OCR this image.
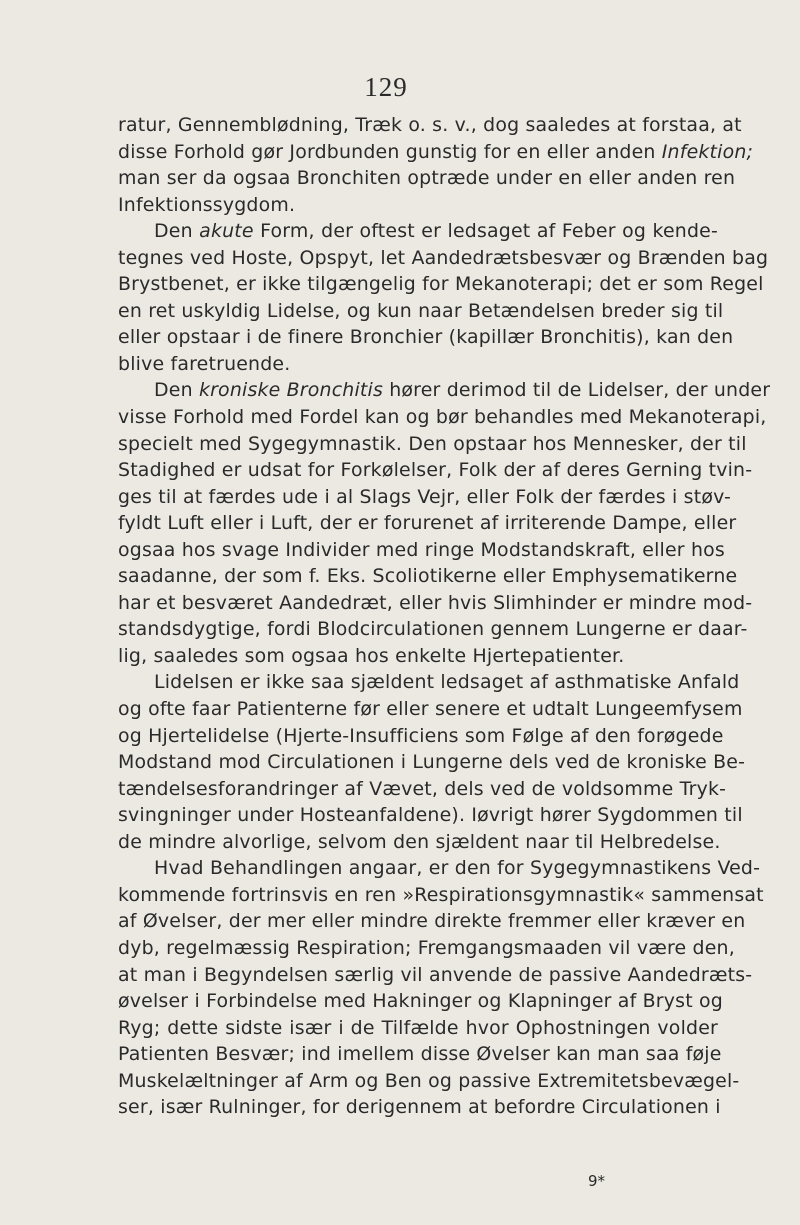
129
ratur, Gennemblødning, Træk o. s. v., dog saaledes at forstaa, at
disse Forhold gør Jordbunden gunstig for en eller anden Infektion;
man ser da ogsaa Bronchiten optræde under en eller anden ren
Infektionssygdom.
Den akute Form, der oftest er ledsaget af Feber og kende-
tegnes ved Hoste, Opspyt, let Aandedrætsbesvær og Brænden bag
Brystbenet, er ikke tilgængelig for Mekanoterapi; det er som Regel
en ret uskyldig Lidelse, og kun naar Betændelsen breder sig til
eller opstaar i de finere Bronchier (kapillær Bronchitis), kan den
blive faretruende.
Den kroniske Bronchitis hører derimod til de Lidelser, der under
visse Forhold med Fordel kan og bør behandles med Mekanoterapi,
specielt med Sygegymnastik. Den opstaar hos Mennesker, der til
Stadighed er udsat for Forkølelser, Folk der af deres Gerning tvin-
ges til at færdes ude i al Slags Vejr, eller Folk der færdes i støv-
fyldt Luft eller i Luft, der er forurenet af irriterende Dampe, eller
ogsaa hos svage Individer med ringe Modstandskraft, eller hos
saadanne, der som f. Eks. Scoliotikerne eller Emphysematikerne
har et besværet Aandedræt, eller hvis Slimhinder er mindre mod-
standsdygtige, fordi Blodcirculationen gennem Lungerne er daar-
lig, saaledes som ogsaa hos enkelte Hjertepatienter.
Lidelsen er ikke saa sjældent ledsaget af asthmatiske Anfald
og ofte faar Patienterne før eller senere et udtalt Lungeemfysem
og Hjertelidelse (Hjerte-Insufficiens som Følge af den forøgede
Modstand mod Circulationen i Lungerne dels ved de kroniske Be-
tændelsesforandringer af Vævet, dels ved de voldsomme Tryk-
svingninger under Hosteanfaldene). Iøvrigt hører Sygdommen til
de mindre alvorlige, selvom den sjældent naar til Helbredelse.
Hvad Behandlingen angaar, er den for Sygegymnastikens Ved-
kommende fortrinsvis en ren »Respirationsgymnastik« sammensat
af Øvelser, der mer eller mindre direkte fremmer eller kræver en
dyb, regelmæssig Respiration; Fremgangsmaaden vil være den,
at man i Begyndelsen særlig vil anvende de passive Aandedræts-
øvelser i Forbindelse med Hakninger og Klapninger af Bryst og
Ryg; dette sidste især i de Tilfælde hvor Ophostningen volder
Patienten Besvær; ind imellem disse Øvelser kan man saa føje
Muskelæltninger af Arm og Ben og passive Extremitetsbevægel-
ser, især Rulninger, for derigennem at befordre Circulationen i
9*
